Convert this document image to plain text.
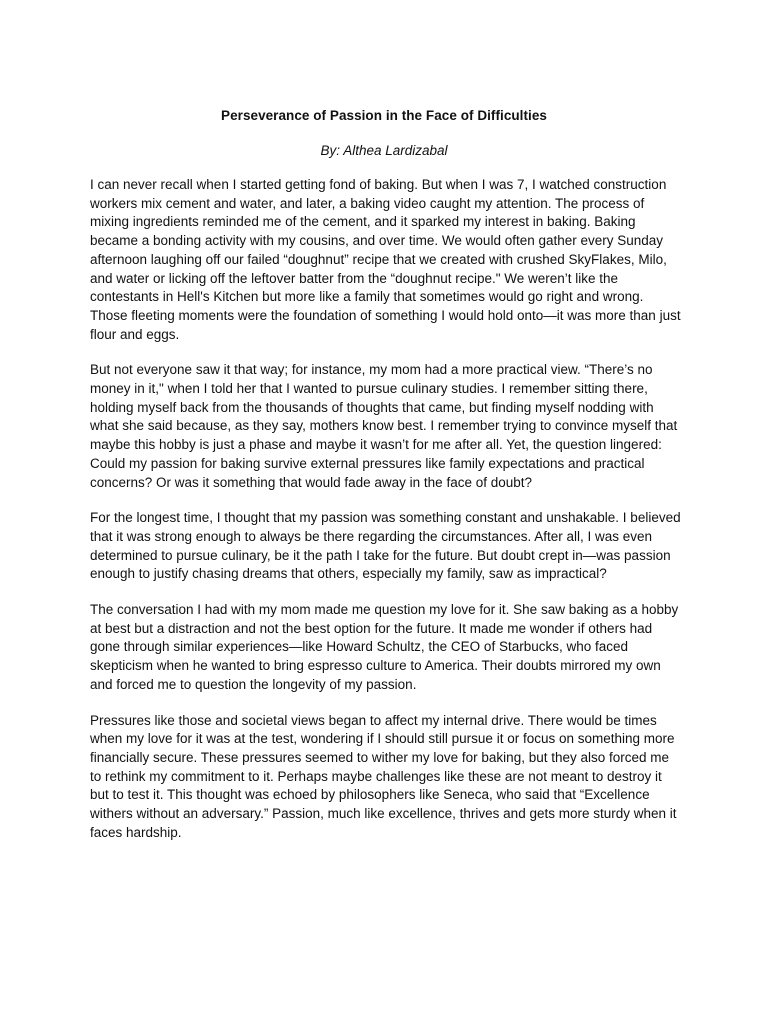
Perseverance of Passion in the Face of Difficulties
By: Althea Lardizabal

I can never recall when I started getting fond of baking. But when I was 7, I watched construction workers mix cement and water, and later, a baking video caught my attention. The process of mixing ingredients reminded me of the cement, and it sparked my interest in baking. Baking became a bonding activity with my cousins, and over time. We would often gather every Sunday afternoon laughing off our failed “doughnut” recipe that we created with crushed SkyFlakes, Milo, and water or licking off the leftover batter from the “doughnut recipe." We weren’t like the contestants in Hell's Kitchen but more like a family that sometimes would go right and wrong. Those fleeting moments were the foundation of something I would hold onto—it was more than just flour and eggs.

But not everyone saw it that way; for instance, my mom had a more practical view. “There’s no money in it," when I told her that I wanted to pursue culinary studies. I remember sitting there, holding myself back from the thousands of thoughts that came, but finding myself nodding with what she said because, as they say, mothers know best. I remember trying to convince myself that maybe this hobby is just a phase and maybe it wasn’t for me after all. Yet, the question lingered: Could my passion for baking survive external pressures like family expectations and practical concerns? Or was it something that would fade away in the face of doubt?

For the longest time, I thought that my passion was something constant and unshakable. I believed that it was strong enough to always be there regarding the circumstances. After all, I was even determined to pursue culinary, be it the path I take for the future. But doubt crept in—was passion enough to justify chasing dreams that others, especially my family, saw as impractical?

The conversation I had with my mom made me question my love for it. She saw baking as a hobby at best but a distraction and not the best option for the future. It made me wonder if others had gone through similar experiences—like Howard Schultz, the CEO of Starbucks, who faced skepticism when he wanted to bring espresso culture to America. Their doubts mirrored my own and forced me to question the longevity of my passion.

Pressures like those and societal views began to affect my internal drive. There would be times when my love for it was at the test, wondering if I should still pursue it or focus on something more financially secure. These pressures seemed to wither my love for baking, but they also forced me to rethink my commitment to it. Perhaps maybe challenges like these are not meant to destroy it but to test it. This thought was echoed by philosophers like Seneca, who said that “Excellence withers without an adversary.” Passion, much like excellence, thrives and gets more sturdy when it faces hardship.
